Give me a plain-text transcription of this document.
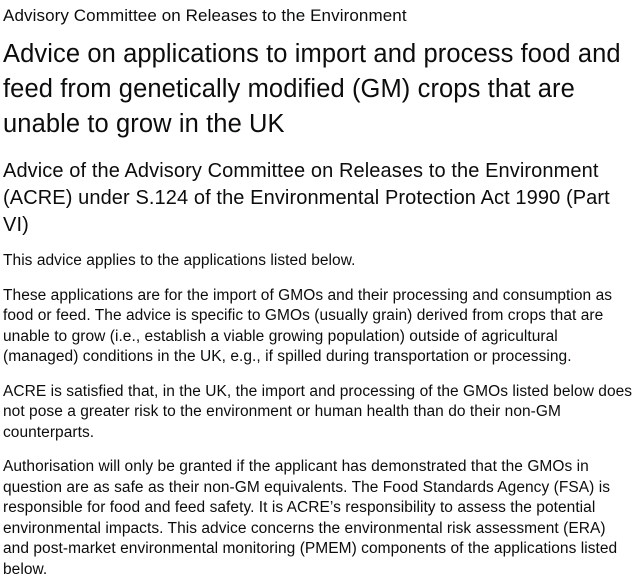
Advisory Committee on Releases to the Environment

Advice on applications to import and process food and feed from genetically modified (GM) crops that are unable to grow in the UK
Advice of the Advisory Committee on Releases to the Environment (ACRE) under S.124 of the Environmental Protection Act 1990 (Part VI)

This advice applies to the applications listed below.

These applications are for the import of GMOs and their processing and consumption as food or feed. The advice is specific to GMOs (usually grain) derived from crops that are unable to grow (i.e., establish a viable growing population) outside of agricultural (managed) conditions in the UK, e.g., if spilled during transportation or processing.

ACRE is satisfied that, in the UK, the import and processing of the GMOs listed below does not pose a greater risk to the environment or human health than do their non-GM counterparts.

Authorisation will only be granted if the applicant has demonstrated that the GMOs in question are as safe as their non-GM equivalents. The Food Standards Agency (FSA) is responsible for food and feed safety. It is ACRE’s responsibility to assess the potential environmental impacts. This advice concerns the environmental risk assessment (ERA) and post-market environmental monitoring (PMEM) components of the applications listed below.
